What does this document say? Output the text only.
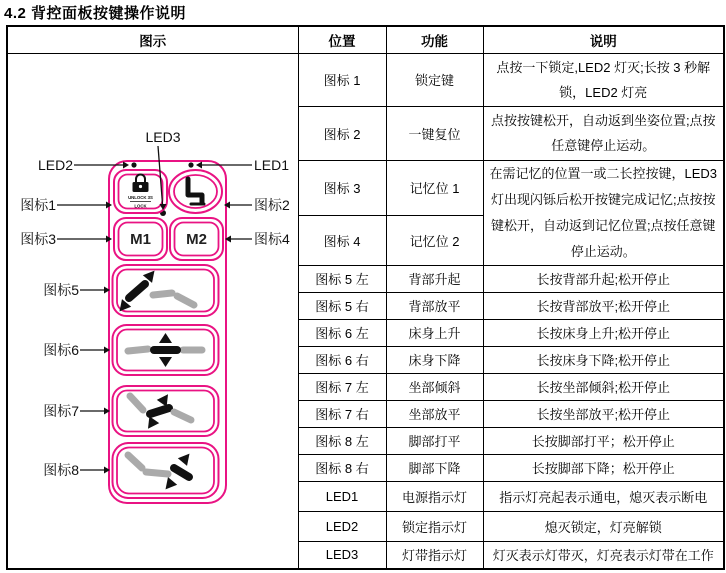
4.2 背控面板按键操作说明
图示	位置	功能	说明

UNLOCK 3S
LOCK
M1 M2
LED3
LED2	LED1
图标1	图标2
图标3	图标4
图标5
图标6
图标7
图标8
	图标 1	锁定键	点按一下锁定,LED2 灯灭;长按 3 秒解锁，LED2 灯亮
	图标 2	一键复位	点按按键松开，自动返到坐姿位置;点按任意键停止运动。
	图标 3	记忆位 1	在需记忆的位置一或二长控按键，LED3 灯出现闪铄后松开按键完成记忆;点按按键松开，自动返到记忆位置;点按任意键停止运动。
	图标 4	记忆位 2	
	图标 5 左	背部升起	长按背部升起;松开停止
	图标 5 右	背部放平	长按背部放平;松开停止
	图标 6 左	床身上升	长按床身上升;松开停止
	图标 6 右	床身下降	长按床身下降;松开停止
	图标 7 左	坐部倾斜	长按坐部倾斜;松开停止
	图标 7 右	坐部放平	长按坐部放平;松开停止
	图标 8 左	脚部打平	长按脚部打平；松开停止
	图标 8 右	脚部下降	长按脚部下降；松开停止
	LED1	电源指示灯	指示灯亮起表示通电，熄灭表示断电
	LED2	锁定指示灯	熄灭锁定，灯亮解锁
	LED3	灯带指示灯	灯灭表示灯带灭，灯亮表示灯带在工作
